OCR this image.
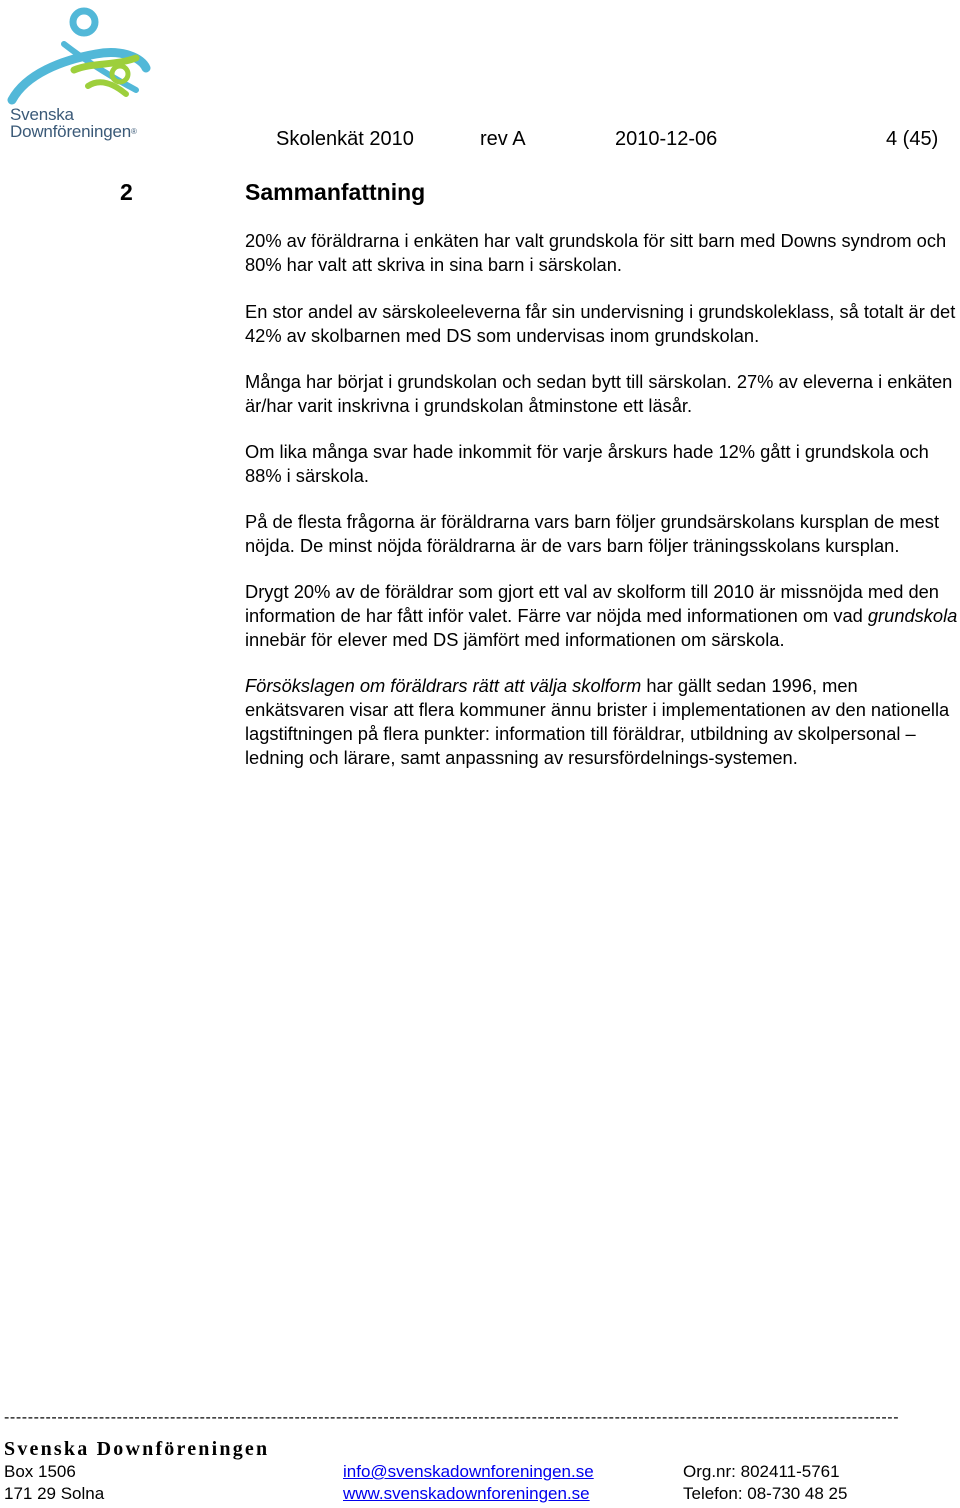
Svenska
Downföreningen®	Skolenkät 2010	rev A	2010-12-06	4 (45)
2	Sammanfattning

20% av föräldrarna i enkäten har valt grundskola för sitt barn med Downs syndrom och 80% har valt att skriva in sina barn i särskolan.

En stor andel av särskoleeleverna får sin undervisning i grundskoleklass, så totalt är det 42% av skolbarnen med DS som undervisas inom grundskolan.

Många har börjat i grundskolan och sedan bytt till särskolan. 27% av eleverna i enkäten är/har varit inskrivna i grundskolan åtminstone ett läsår.

Om lika många svar hade inkommit för varje årskurs hade 12% gått i grundskola och 88% i särskola.

På de flesta frågorna är föräldrarna vars barn följer grundsärskolans kursplan de mest nöjda. De minst nöjda föräldrarna är de vars barn följer träningsskolans kursplan.

Drygt 20% av de föräldrar som gjort ett val av skolform till 2010 är missnöjda med den information de har fått inför valet. Färre var nöjda med informationen om vad grundskola innebär för elever med DS jämfört med informationen om särskola.

Försökslagen om föräldrars rätt att välja skolform har gällt sedan 1996, men enkätsvaren visar att flera kommuner ännu brister i implementationen av den nationella lagstiftningen på flera punkter: information till föräldrar, utbildning av skolpersonal – ledning och lärare, samt anpassning av resursfördelnings-systemen.

-------------------------------------------------------------------------------------------------------------------------------------------------------
Svenska Downföreningen
Box 1506
171 29 Solna
info@svenskadownforeningen.se
www.svenskadownforeningen.se
Org.nr: 802411-5761
Telefon: 08-730 48 25
